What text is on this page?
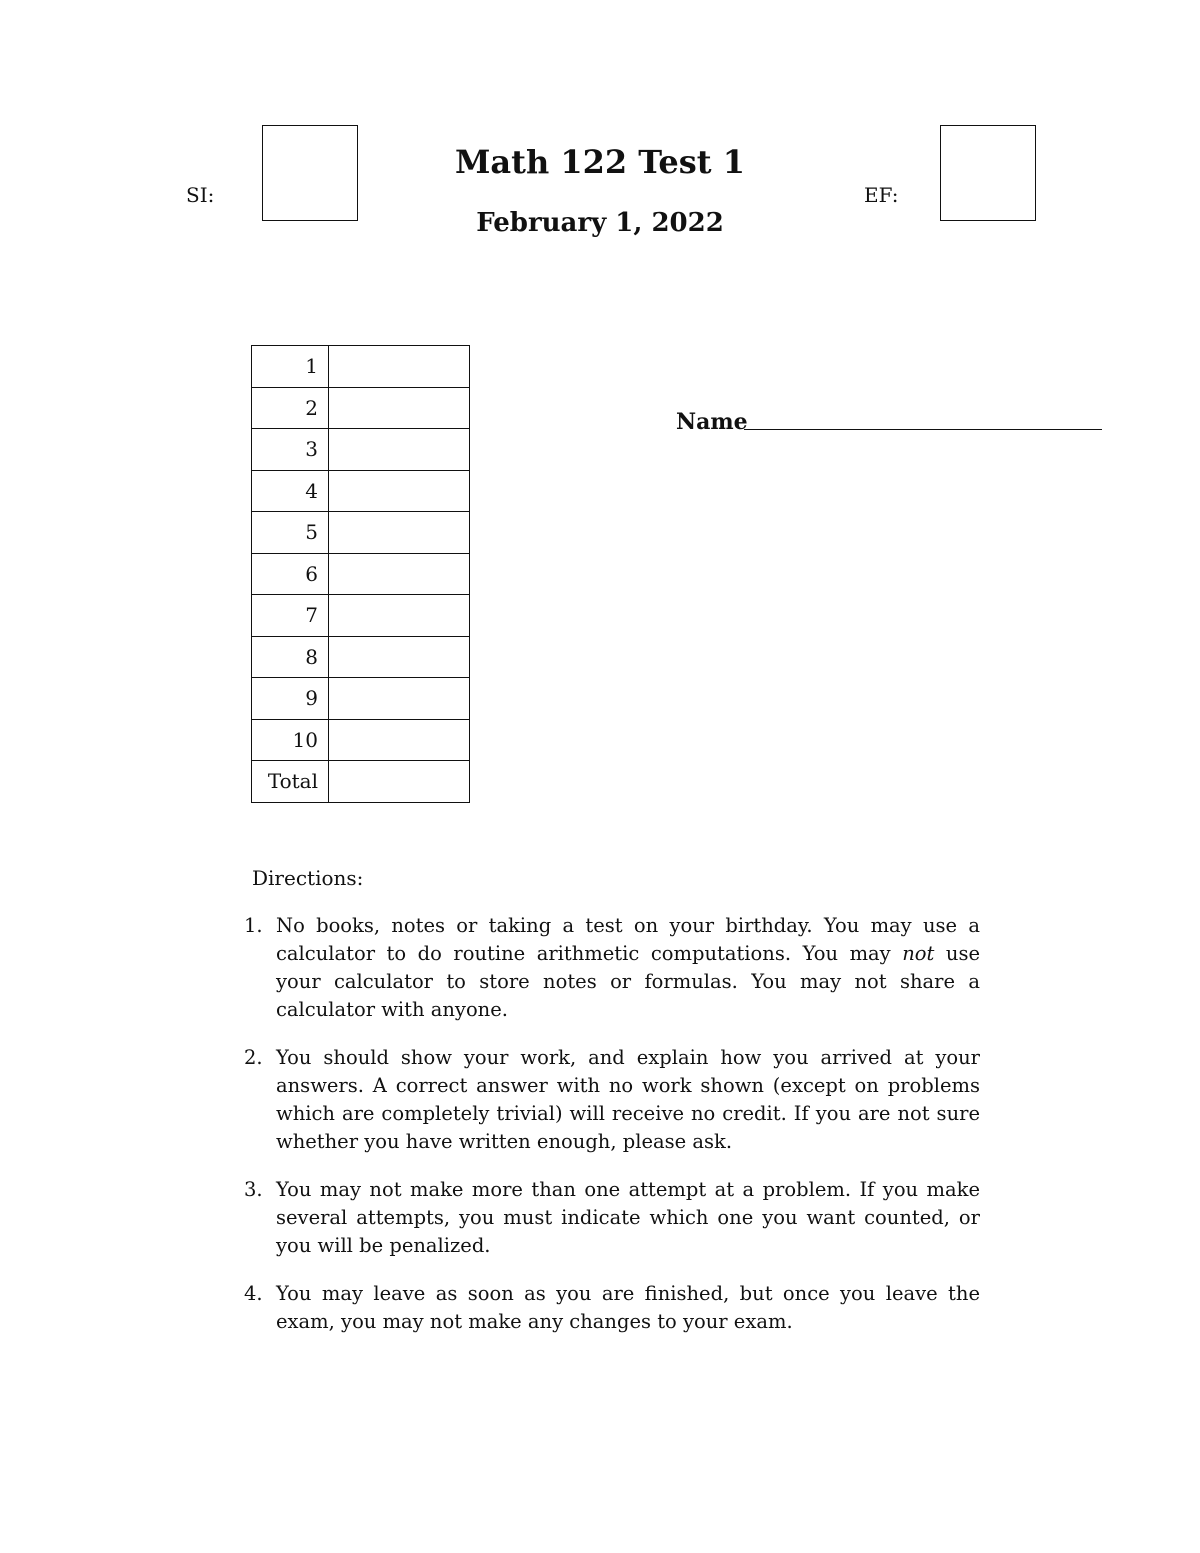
SI:
Math 122 Test 1
February 1, 2022
EF:
1	
2	
3	
4	
5	
6	
7	
8	
9	
10	
Total	
Name
Directions:
1. No books, notes or taking a test on your birthday. You may use a calculator to do routine arithmetic computations. You may not use your calculator to store notes or formulas. You may not share a calculator with anyone.
2. You should show your work, and explain how you arrived at your answers. A correct answer with no work shown (except on problems which are completely trivial) will receive no credit. If you are not sure whether you have written enough, please ask.
3. You may not make more than one attempt at a problem. If you make several attempts, you must indicate which one you want counted, or you will be penalized.
4. You may leave as soon as you are finished, but once you leave the exam, you may not make any changes to your exam.
